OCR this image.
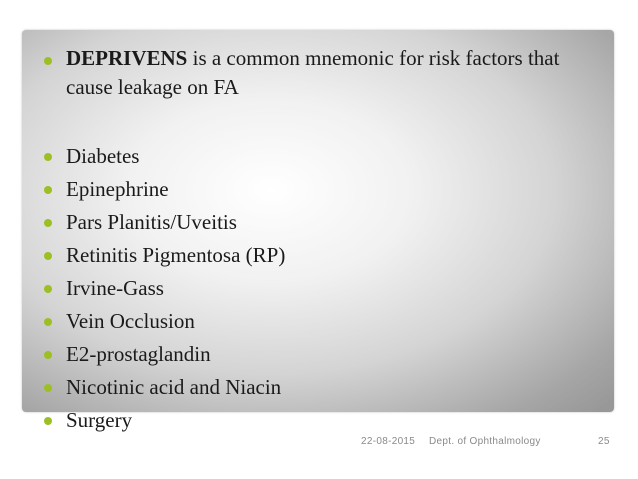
DEPRIVENS is a common mnemonic for risk factors that cause leakage on FA
Diabetes
Epinephrine
Pars Planitis/Uveitis
Retinitis Pigmentosa (RP)
Irvine-Gass
Vein Occlusion
E2-prostaglandin
Nicotinic acid and Niacin
Surgery
22-08-2015 Dept. of Ophthalmology	25
